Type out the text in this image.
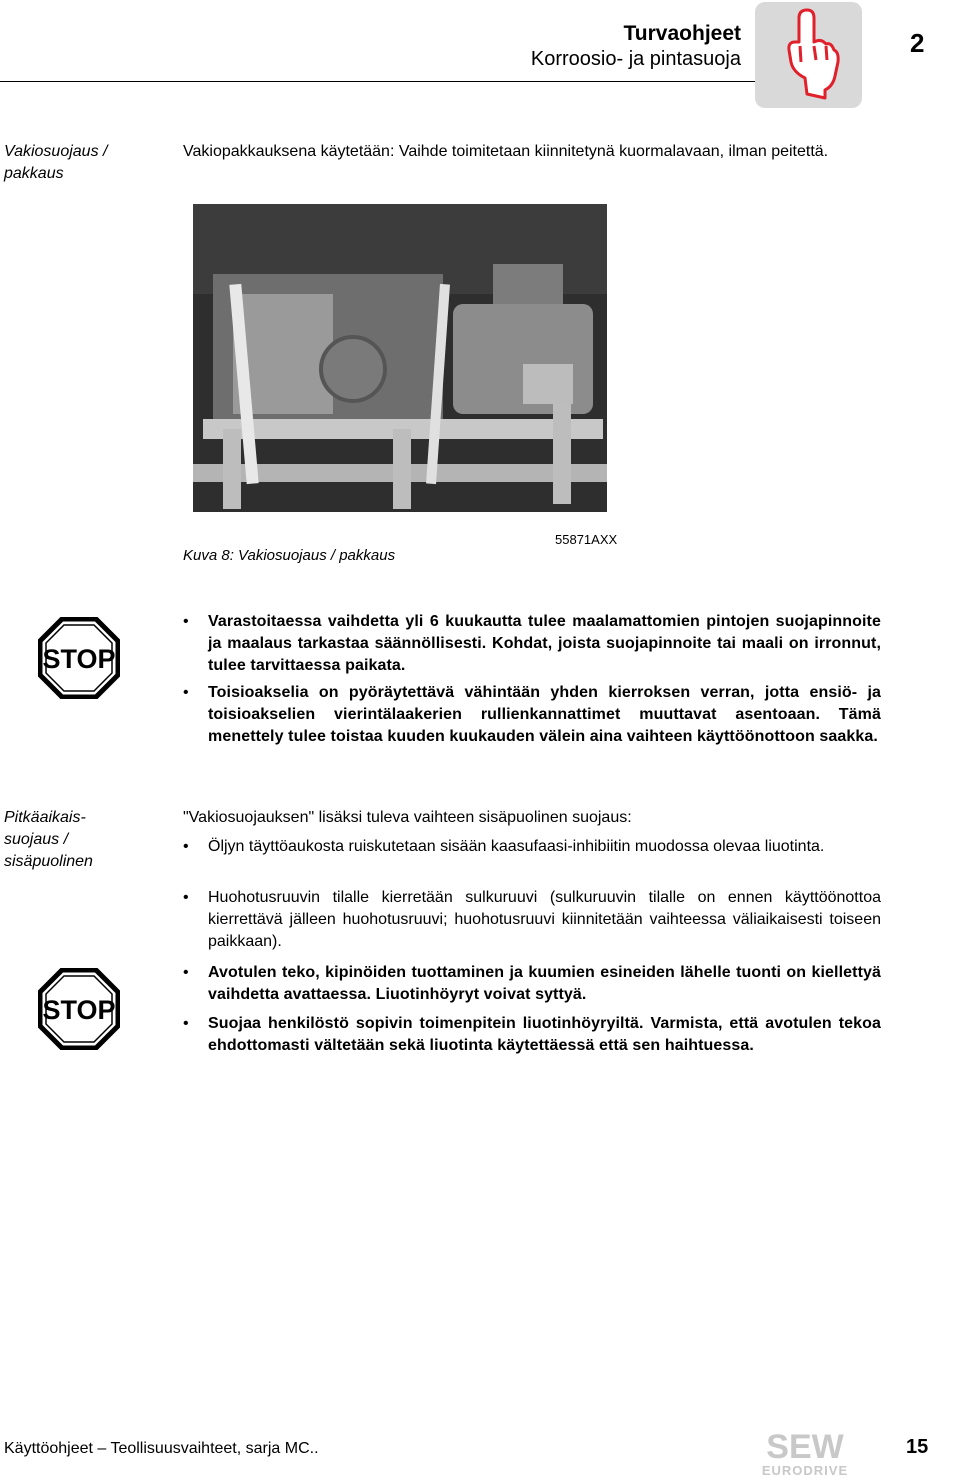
Turvaohjeet
Korroosio- ja pintasuoja
2
Vakiosuojaus / pakkaus
Vakiopakkauksena käytetään: Vaihde toimitetaan kiinnitetynä kuormalavaan, ilman peitettä.
Kuva 8: Vakiosuojaus / pakkaus
55871AXX
STOP
• Varastoitaessa vaihdetta yli 6 kuukautta tulee maalamattomien pintojen suojapinnoite ja maalaus tarkastaa säännöllisesti. Kohdat, joista suojapinnoite tai maali on irronnut, tulee tarvittaessa paikata.
• Toisioakselia on pyöräytettävä vähintään yhden kierroksen verran, jotta ensiö- ja toisioakselien vierintälaakerien rullienkannattimet muuttavat asentoaan. Tämä menettely tulee toistaa kuuden kuukauden välein aina vaihteen käyttöönottoon saakka.
Pitkäaikais-
suojaus /
sisäpuolinen
"Vakiosuojauksen" lisäksi tuleva vaihteen sisäpuolinen suojaus:
• Öljyn täyttöaukosta ruiskutetaan sisään kaasufaasi-inhibiitin muodossa olevaa liuotinta.
• Huohotusruuvin tilalle kierretään sulkuruuvi (sulkuruuvin tilalle on ennen käyttöönottoa kierrettävä jälleen huohotusruuvi; huohotusruuvi kiinnitetään vaihteessa väliaikaisesti toiseen paikkaan).
STOP
• Avotulen teko, kipinöiden tuottaminen ja kuumien esineiden lähelle tuonti on kiellettyä vaihdetta avattaessa. Liuotinhöyryt voivat syttyä.
• Suojaa henkilöstö sopivin toimenpitein liuotinhöyryiltä. Varmista, että avotulen tekoa ehdottomasti vältetään sekä liuotinta käytettäessä että sen haihtuessa.
Käyttöohjeet – Teollisuusvaihteet, sarja MC..	SEW
EURODRIVE
15
